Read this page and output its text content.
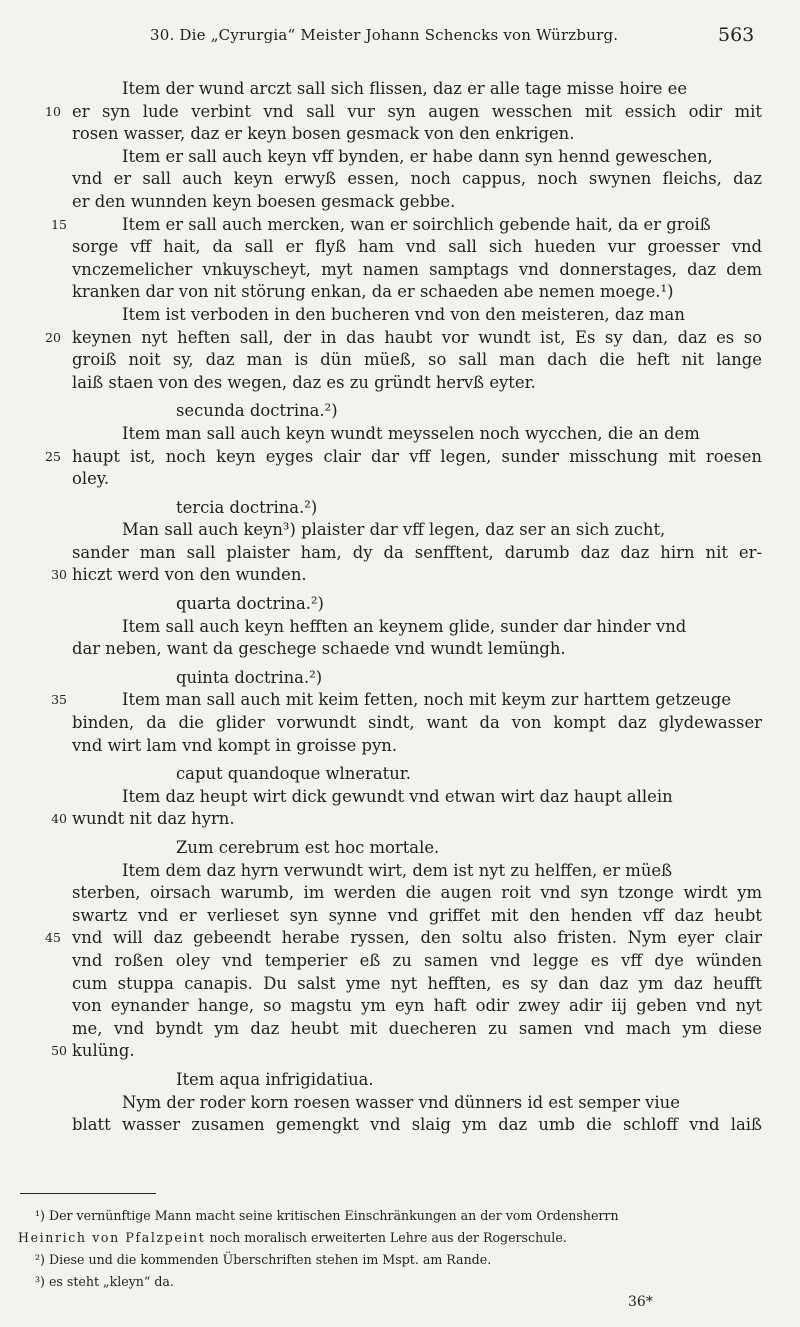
30. Die „Cyrurgia“ Meister Johann Schencks von Würzburg.	563
Item der wund arczt sall sich flissen, daz er alle tage misse hoire ee
10 er syn lude verbint vnd sall vur syn augen wesschen mit essich odir mit
rosen wasser, daz er keyn bosen gesmack von den enkrigen.
Item er sall auch keyn vff bynden, er habe dann syn hennd geweschen,
vnd er sall auch keyn erwyß essen, noch cappus, noch swynen fleichs, daz
er den wunnden keyn boesen gesmack gebbe.
15	Item er sall auch mercken, wan er soirchlich gebende hait, da er groiß
sorge vff hait, da sall er flyß ham vnd sall sich hueden vur groesser vnd
vnczemelicher vnkuyscheyt, myt namen samptags vnd donnerstages, daz dem
kranken dar von nit störung enkan, da er schaeden abe nemen moege.¹)
Item ist verboden in den bucheren vnd von den meisteren, daz man
20 keynen nyt heften sall, der in das haubt vor wundt ist, Es sy dan, daz es so
groiß noit sy, daz man is dün müeß, so sall man dach die heft nit lange
laiß staen von des wegen, daz es zu gründt hervß eyter.
secunda doctrina.²)
Item man sall auch keyn wundt meysselen noch wycchen, die an dem
25 haupt ist, noch keyn eyges clair dar vff legen, sunder misschung mit roesen
oley.
tercia doctrina.²)
Man sall auch keyn³) plaister dar vff legen, daz ser an sich zucht,
sander man sall plaister ham, dy da senfftent, darumb daz daz hirn nit er-
30 hiczt werd von den wunden.
quarta doctrina.²)
Item sall auch keyn hefften an keynem glide, sunder dar hinder vnd
dar neben, want da geschege schaede vnd wundt lemüngh.
quinta doctrina.²)
35	Item man sall auch mit keim fetten, noch mit keym zur harttem getzeuge
binden, da die glider vorwundt sindt, want da von kompt daz glydewasser
vnd wirt lam vnd kompt in groisse pyn.
caput quandoque wlneratur.
Item daz heupt wirt dick gewundt vnd etwan wirt daz haupt allein
40 wundt nit daz hyrn.
Zum cerebrum est hoc mortale.
Item dem daz hyrn verwundt wirt, dem ist nyt zu helffen, er müeß
sterben, oirsach warumb, im werden die augen roit vnd syn tzonge wirdt ym
swartz vnd er verlieset syn synne vnd griffet mit den henden vff daz heubt
45 vnd will daz gebeendt herabe ryssen, den soltu also fristen. Nym eyer clair
vnd roßen oley vnd temperier eß zu samen vnd legge es vff dye wünden
cum stuppa canapis. Du salst yme nyt hefften, es sy dan daz ym daz heufft
von eynander hange, so magstu ym eyn haft odir zwey adir iij geben vnd nyt
me, vnd byndt ym daz heubt mit duecheren zu samen vnd mach ym diese
50 kulüng.
Item aqua infrigidatiua.
Nym der roder korn roesen wasser vnd dünners id est semper viue
blatt wasser zusamen gemengkt vnd slaig ym daz umb die schloff vnd laiß
¹) Der vernünftige Mann macht seine kritischen Einschränkungen an der vom Ordensherrn
Heinrich von Pfalzpeint noch moralisch erweiterten Lehre aus der Rogerschule.
²) Diese und die kommenden Überschriften stehen im Mspt. am Rande.
³) es steht „kleyn“ da.
36*
